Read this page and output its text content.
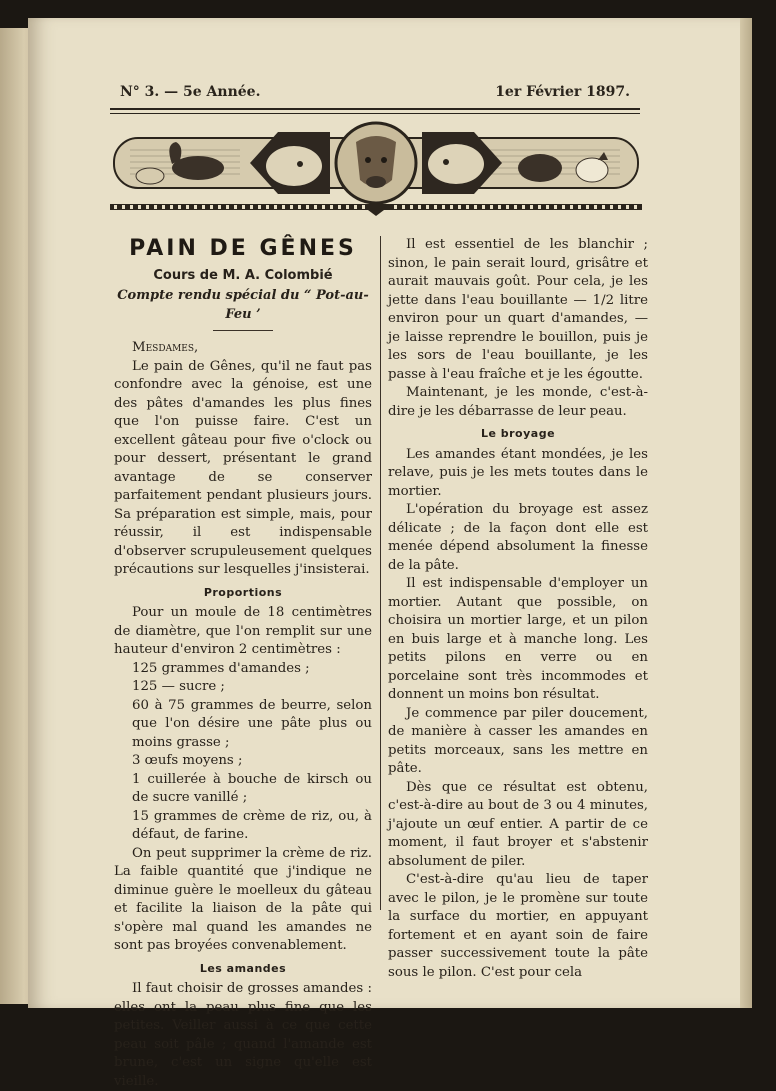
N° 3. — 5e Année.	1er Février 1897.
PAIN DE GÊNES
Cours de M. A. Colombié
Compte rendu spécial du “ Pot-au-Feu ’

Mesdames,

Le pain de Gênes, qu'il ne faut pas confondre avec la génoise, est une des pâtes d'amandes les plus fines que l'on puisse faire. C'est un excellent gâteau pour five o'clock ou pour dessert, présentant le grand avantage de se conserver parfaitement pendant plusieurs jours. Sa préparation est simple, mais, pour réussir, il est indispensable d'observer scrupuleusement quelques précautions sur lesquelles j'insisterai.

Proportions

Pour un moule de 18 centimètres de diamètre, que l'on remplit sur une hauteur d'environ 2 centimètres :

125 grammes d'amandes ;

125 — sucre ;

60 à 75 grammes de beurre, selon que l'on désire une pâte plus ou moins grasse ;

3 œufs moyens ;

1 cuillerée à bouche de kirsch ou de sucre vanillé ;

15 grammes de crème de riz, ou, à défaut, de farine.

On peut supprimer la crème de riz. La faible quantité que j'indique ne diminue guère le moelleux du gâteau et facilite la liaison de la pâte qui s'opère mal quand les amandes ne sont pas broyées convenablement.

Les amandes

Il faut choisir de grosses amandes : elles ont la peau plus fine que les petites. Veiller aussi à ce que cette peau soit pâle ; quand l'amande est brune, c'est un signe qu'elle est vieille.

Il est essentiel de les blanchir ; sinon, le pain serait lourd, grisâtre et aurait mauvais goût. Pour cela, je les jette dans l'eau bouillante — 1/2 litre environ pour un quart d'amandes, — je laisse reprendre le bouillon, puis je les sors de l'eau bouillante, je les passe à l'eau fraîche et je les égoutte.

Maintenant, je les monde, c'est-à-dire je les débarrasse de leur peau.

Le broyage

Les amandes étant mondées, je les relave, puis je les mets toutes dans le mortier.

L'opération du broyage est assez délicate ; de la façon dont elle est menée dépend absolument la finesse de la pâte.

Il est indispensable d'employer un mortier. Autant que possible, on choisira un mortier large, et un pilon en buis large et à manche long. Les petits pilons en verre ou en porcelaine sont très incommodes et donnent un moins bon résultat.

Je commence par piler doucement, de manière à casser les amandes en petits morceaux, sans les mettre en pâte.

Dès que ce résultat est obtenu, c'est-à-dire au bout de 3 ou 4 minutes, j'ajoute un œuf entier. A partir de ce moment, il faut broyer et s'abstenir absolument de piler.

C'est-à-dire qu'au lieu de taper avec le pilon, je le promène sur toute la surface du mortier, en appuyant fortement et en ayant soin de faire passer successivement toute la pâte sous le pilon. C'est pour cela
